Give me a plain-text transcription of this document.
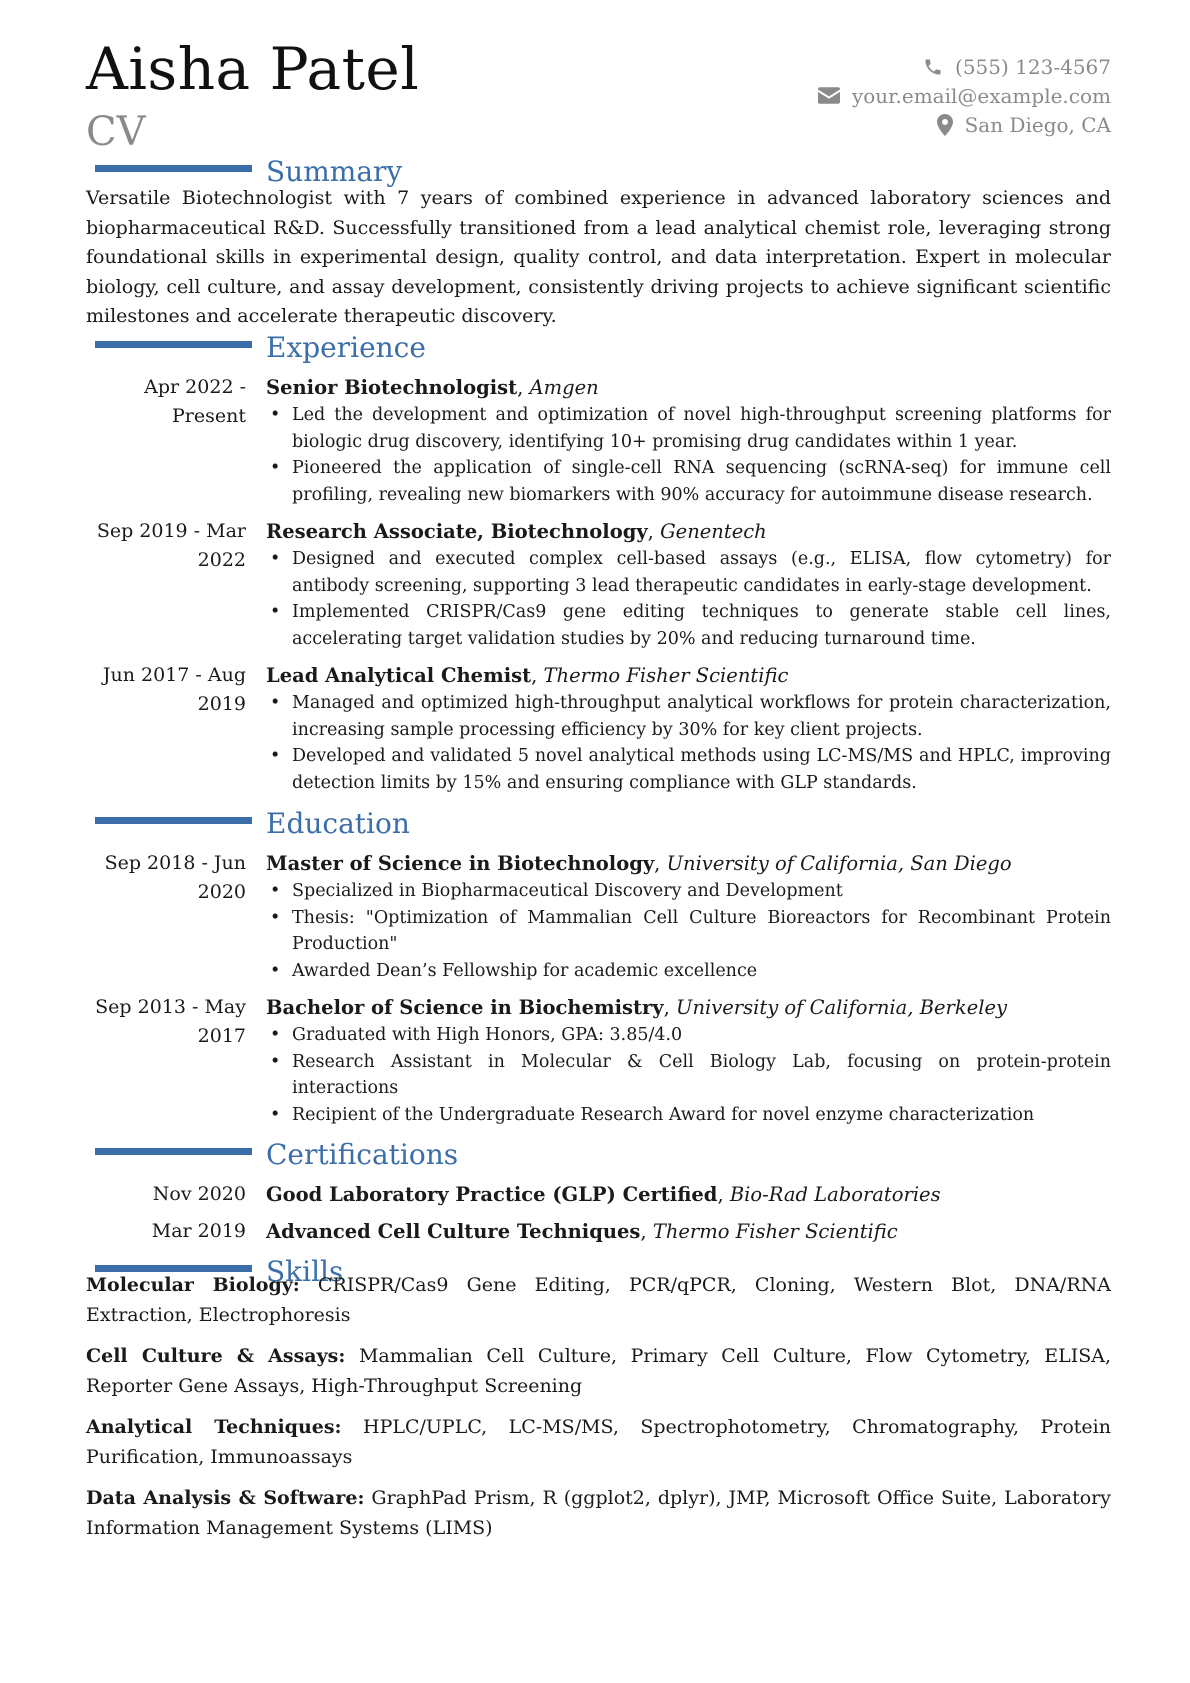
Aisha Patel
CV
(555) 123-4567
your.email@example.com
San Diego, CA
Summary
Versatile Biotechnologist with 7 years of combined experience in advanced laboratory sciences and biopharmaceutical R&D. Successfully transitioned from a lead analytical chemist role, leveraging strong foundational skills in experimental design, quality control, and data interpretation. Expert in molecular biology, cell culture, and assay development, consistently driving projects to achieve significant scientific milestones and accelerate therapeutic discovery.
Experience
Apr 2022 - Present
Senior Biotechnologist, Amgen
• Led the development and optimization of novel high-throughput screening platforms for biologic drug discovery, identifying 10+ promising drug candidates within 1 year.
• Pioneered the application of single-cell RNA sequencing (scRNA-seq) for immune cell profiling, revealing new biomarkers with 90% accuracy for autoimmune disease research.
Sep 2019 - Mar 2022
Research Associate, Biotechnology, Genentech
• Designed and executed complex cell-based assays (e.g., ELISA, flow cytometry) for antibody screening, supporting 3 lead therapeutic candidates in early-stage development.
• Implemented CRISPR/Cas9 gene editing techniques to generate stable cell lines, accelerating target validation studies by 20% and reducing turnaround time.
Jun 2017 - Aug 2019
Lead Analytical Chemist, Thermo Fisher Scientific
• Managed and optimized high-throughput analytical workflows for protein characterization, increasing sample processing efficiency by 30% for key client projects.
• Developed and validated 5 novel analytical methods using LC-MS/MS and HPLC, improving detection limits by 15% and ensuring compliance with GLP standards.
Education
Sep 2018 - Jun 2020
Master of Science in Biotechnology, University of California, San Diego
• Specialized in Biopharmaceutical Discovery and Development
• Thesis: "Optimization of Mammalian Cell Culture Bioreactors for Recombinant Protein Production"
• Awarded Dean’s Fellowship for academic excellence
Sep 2013 - May 2017
Bachelor of Science in Biochemistry, University of California, Berkeley
• Graduated with High Honors, GPA: 3.85/4.0
• Research Assistant in Molecular & Cell Biology Lab, focusing on protein-protein interactions
• Recipient of the Undergraduate Research Award for novel enzyme characterization
Certifications
Nov 2020 Good Laboratory Practice (GLP) Certified, Bio-Rad Laboratories
Mar 2019 Advanced Cell Culture Techniques, Thermo Fisher Scientific
Skills
Molecular Biology: CRISPR/Cas9 Gene Editing, PCR/qPCR, Cloning, Western Blot, DNA/RNA Extraction, Electrophoresis
Cell Culture & Assays: Mammalian Cell Culture, Primary Cell Culture, Flow Cytometry, ELISA, Reporter Gene Assays, High-Throughput Screening
Analytical Techniques: HPLC/UPLC, LC-MS/MS, Spectrophotometry, Chromatography, Protein Purification, Immunoassays
Data Analysis & Software: GraphPad Prism, R (ggplot2, dplyr), JMP, Microsoft Office Suite, Laboratory Information Management Systems (LIMS)
